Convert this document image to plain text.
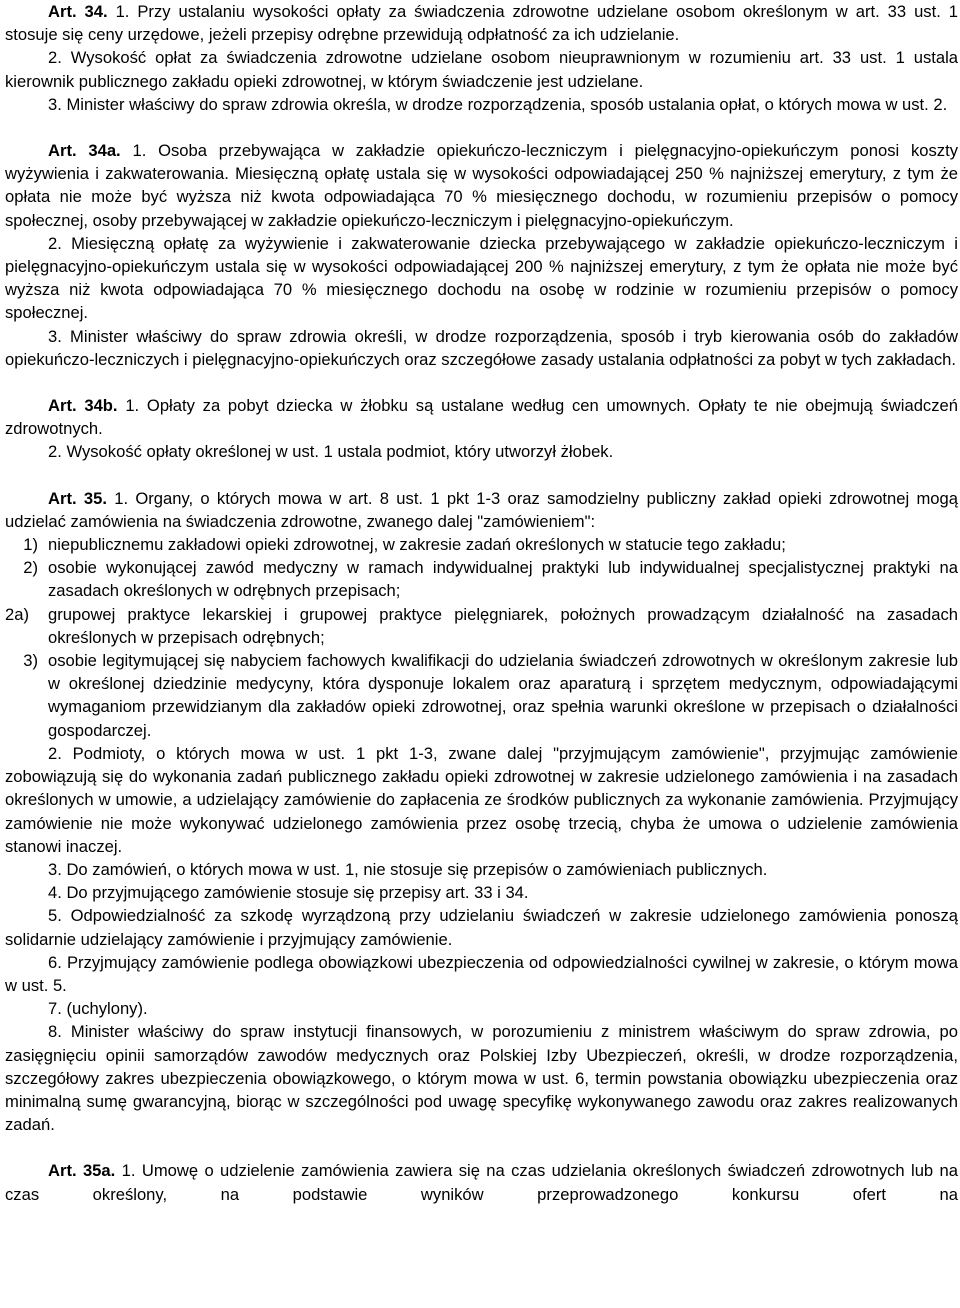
Art. 34. 1. Przy ustalaniu wysokości opłaty za świadczenia zdrowotne udzielane osobom określonym w art. 33 ust. 1 stosuje się ceny urzędowe, jeżeli przepisy odrębne przewidują odpłatność za ich udzielanie.

2. Wysokość opłat za świadczenia zdrowotne udzielane osobom nieuprawnionym w rozumieniu art. 33 ust. 1 ustala kierownik publicznego zakładu opieki zdrowotnej, w którym świadczenie jest udzielane.

3. Minister właściwy do spraw zdrowia określa, w drodze rozporządzenia, sposób ustalania opłat, o których mowa w ust. 2.

Art. 34a. 1. Osoba przebywająca w zakładzie opiekuńczo-leczniczym i pielęgnacyjno-opiekuńczym ponosi koszty wyżywienia i zakwaterowania. Miesięczną opłatę ustala się w wysokości odpowiadającej 250 % najniższej emerytury, z tym że opłata nie może być wyższa niż kwota odpowiadająca 70 % miesięcznego dochodu, w rozumieniu przepisów o pomocy społecznej, osoby przebywającej w zakładzie opiekuńczo-leczniczym i pielęgnacyjno-opiekuńczym.

2. Miesięczną opłatę za wyżywienie i zakwaterowanie dziecka przebywającego w zakładzie opiekuńczo-leczniczym i pielęgnacyjno-opiekuńczym ustala się w wysokości odpowiadającej 200 % najniższej emerytury, z tym że opłata nie może być wyższa niż kwota odpowiadająca 70 % miesięcznego dochodu na osobę w rodzinie w rozumieniu przepisów o pomocy społecznej.

3. Minister właściwy do spraw zdrowia określi, w drodze rozporządzenia, sposób i tryb kierowania osób do zakładów opiekuńczo-leczniczych i pielęgnacyjno-opiekuńczych oraz szczegółowe zasady ustalania odpłatności za pobyt w tych zakładach.

Art. 34b. 1. Opłaty za pobyt dziecka w żłobku są ustalane według cen umownych. Opłaty te nie obejmują świadczeń zdrowotnych.

2. Wysokość opłaty określonej w ust. 1 ustala podmiot, który utworzył żłobek.

Art. 35. 1. Organy, o których mowa w art. 8 ust. 1 pkt 1-3 oraz samodzielny publiczny zakład opieki zdrowotnej mogą udzielać zamówienia na świadczenia zdrowotne, zwanego dalej "zamówieniem":

1) niepublicznemu zakładowi opieki zdrowotnej, w zakresie zadań określonych w statucie tego zakładu;
2) osobie wykonującej zawód medyczny w ramach indywidualnej praktyki lub indywidualnej specjalistycznej praktyki na zasadach określonych w odrębnych przepisach;
2a)	grupowej praktyce lekarskiej i grupowej praktyce pielęgniarek, położnych prowadzącym działalność na zasadach określonych w przepisach odrębnych;
3) osobie legitymującej się nabyciem fachowych kwalifikacji do udzielania świadczeń zdrowotnych w określonym zakresie lub w określonej dziedzinie medycyny, która dysponuje lokalem oraz aparaturą i sprzętem medycznym, odpowiadającymi wymaganiom przewidzianym dla zakładów opieki zdrowotnej, oraz spełnia warunki określone w przepisach o działalności gospodarczej.

2. Podmioty, o których mowa w ust. 1 pkt 1-3, zwane dalej "przyjmującym zamówienie", przyjmując zamówienie zobowiązują się do wykonania zadań publicznego zakładu opieki zdrowotnej w zakresie udzielonego zamówienia i na zasadach określonych w umowie, a udzielający zamówienie do zapłacenia ze środków publicznych za wykonanie zamówienia. Przyjmujący zamówienie nie może wykonywać udzielonego zamówienia przez osobę trzecią, chyba że umowa o udzielenie zamówienia stanowi inaczej.

3. Do zamówień, o których mowa w ust. 1, nie stosuje się przepisów o zamówieniach publicznych.

4. Do przyjmującego zamówienie stosuje się przepisy art. 33 i 34.

5. Odpowiedzialność za szkodę wyrządzoną przy udzielaniu świadczeń w zakresie udzielonego zamówienia ponoszą solidarnie udzielający zamówienie i przyjmujący zamówienie.

6. Przyjmujący zamówienie podlega obowiązkowi ubezpieczenia od odpowiedzialności cywilnej w zakresie, o którym mowa w ust. 5.

7. (uchylony).

8. Minister właściwy do spraw instytucji finansowych, w porozumieniu z ministrem właściwym do spraw zdrowia, po zasięgnięciu opinii samorządów zawodów medycznych oraz Polskiej Izby Ubezpieczeń, określi, w drodze rozporządzenia, szczegółowy zakres ubezpieczenia obowiązkowego, o którym mowa w ust. 6, termin powstania obowiązku ubezpieczenia oraz minimalną sumę gwarancyjną, biorąc w szczególności pod uwagę specyfikę wykonywanego zawodu oraz zakres realizowanych zadań.

Art. 35a. 1. Umowę o udzielenie zamówienia zawiera się na czas udzielania określonych świadczeń zdrowotnych lub na czas określony, na podstawie wyników przeprowadzonego konkursu ofert na
